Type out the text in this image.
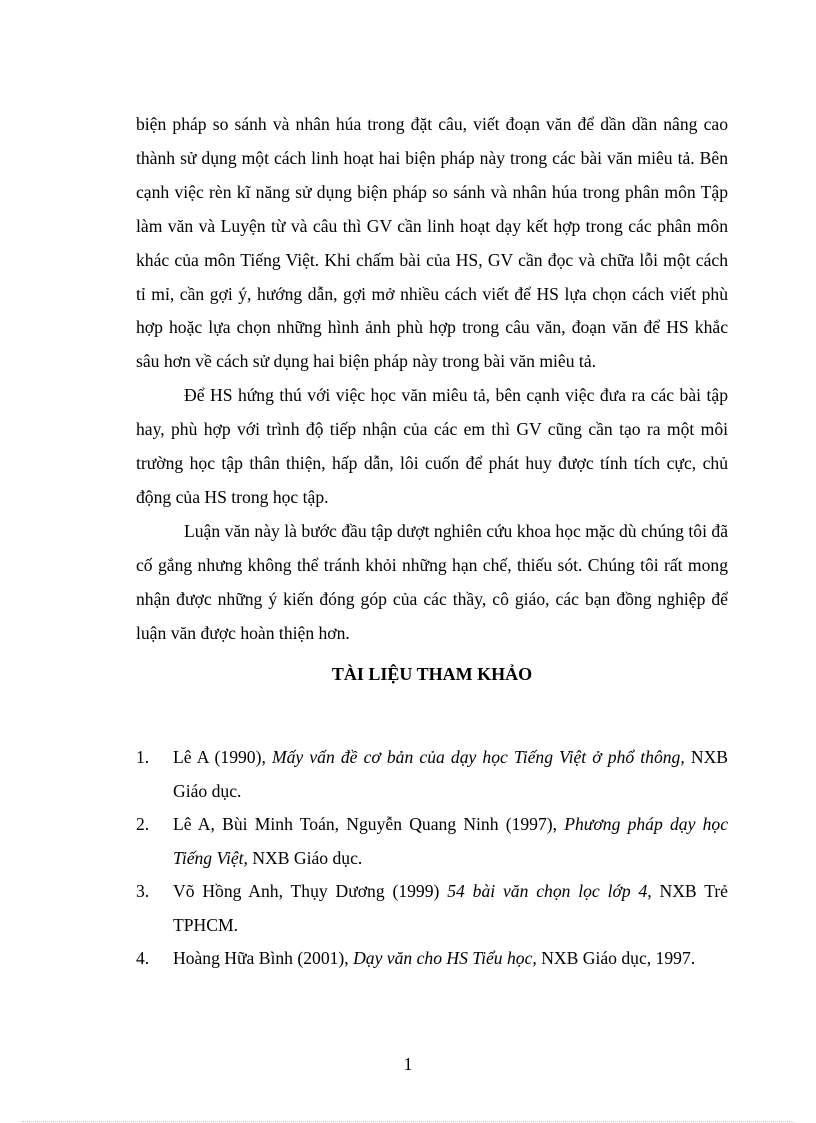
biện pháp so sánh và nhân húa trong đặt câu, viết đoạn văn để dần dần nâng cao thành sử dụng một cách linh hoạt hai biện pháp này trong các bài văn miêu tả. Bên cạnh việc rèn kĩ năng sử dụng biện pháp so sánh và nhân húa trong phân môn Tập làm văn và Luyện từ và câu thì GV cần linh hoạt dạy kết hợp trong các phân môn khác của môn Tiếng Việt. Khi chấm bài của HS, GV cần đọc và chữa lỗi một cách tỉ mỉ, cần gợi ý, hướng dẫn, gợi mở nhiều cách viết để HS lựa chọn cách viết phù hợp hoặc lựa chọn những hình ảnh phù hợp trong câu văn, đoạn văn để HS khắc sâu hơn về cách sử dụng hai biện pháp này trong bài văn miêu tả.

Để HS hứng thú với việc học văn miêu tả, bên cạnh việc đưa ra các bài tập hay, phù hợp với trình độ tiếp nhận của các em thì GV cũng cần tạo ra một môi trường học tập thân thiện, hấp dẫn, lôi cuốn để phát huy được tính tích cực, chủ động của HS trong học tập.

Luận văn này là bước đầu tập dượt nghiên cứu khoa học mặc dù chúng tôi đã cố gắng nhưng không thể tránh khỏi những hạn chế, thiếu sót. Chúng tôi rất mong nhận được những ý kiến đóng góp của các thầy, cô giáo, các bạn đồng nghiệp để luận văn được hoàn thiện hơn.

TÀI LIỆU THAM KHẢO
1. Lê A (1990), Mấy vấn đề cơ bản của dạy học Tiếng Việt ở phổ thông, NXB Giáo dục.
2. Lê A, Bùi Minh Toán, Nguyễn Quang Ninh (1997), Phương pháp dạy học Tiếng Việt, NXB Giáo dục.
3. Võ Hồng Anh, Thụy Dương (1999) 54 bài văn chọn lọc lớp 4, NXB Trẻ TPHCM.
4. Hoàng Hữa Bình (2001), Dạy văn cho HS Tiểu học, NXB Giáo dục, 1997.
1
